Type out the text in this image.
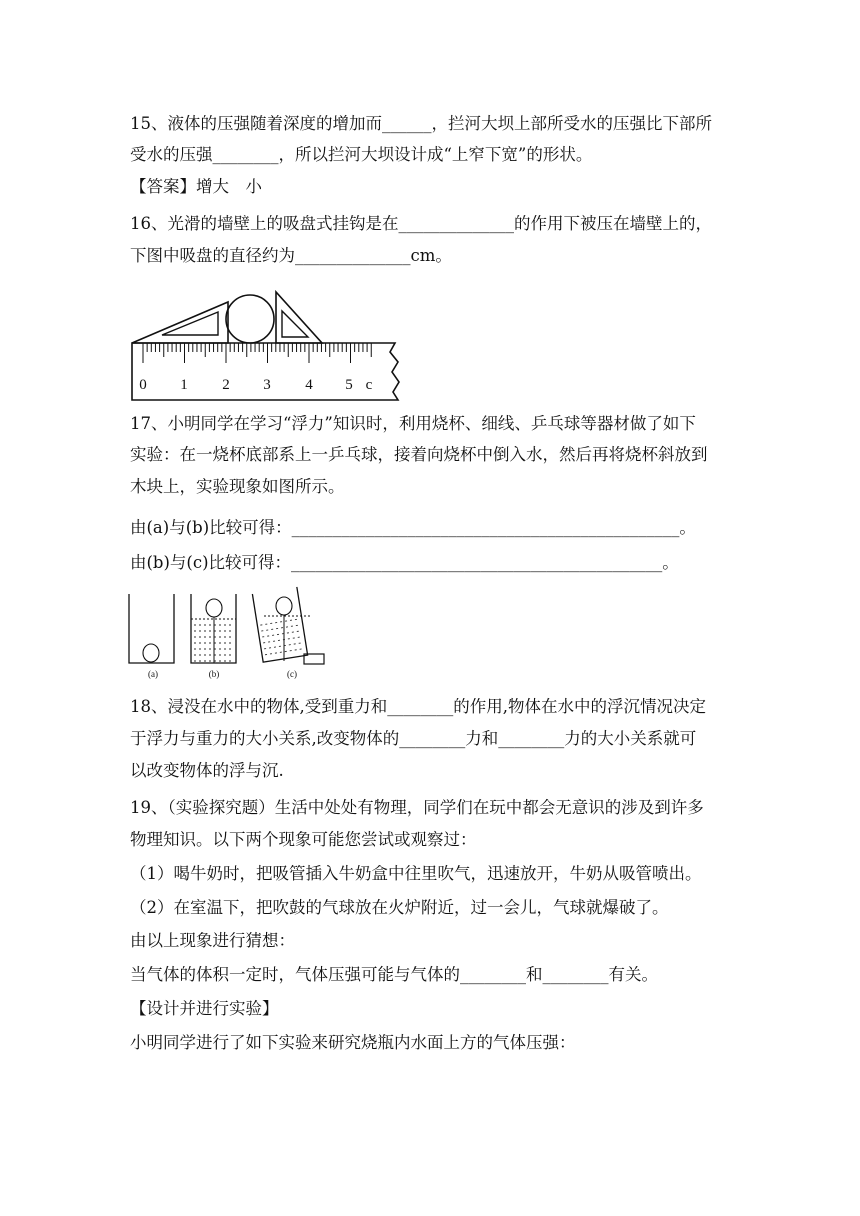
15、液体的压强随着深度的增加而______，拦河大坝上部所受水的压强比下部所
受水的压强________，所以拦河大坝设计成“上窄下宽”的形状。
【答案】增大　小
16、光滑的墙壁上的吸盘式挂钩是在______________的作用下被压在墙壁上的，
下图中吸盘的直径约为______________cm。
0 1 2 3 4 5 c
17、小明同学在学习“浮力”知识时，利用烧杯、细线、乒乓球等器材做了如下
实验：在一烧杯底部系上一乒乓球，接着向烧杯中倒入水，然后再将烧杯斜放到
木块上，实验现象如图所示。
由(a)与(b)比较可得：_______________________________________________。
由(b)与(c)比较可得：_____________________________________________。
(a)	(b)	(c)
18、浸没在水中的物体,受到重力和________的作用,物体在水中的浮沉情况决定
于浮力与重力的大小关系,改变物体的________力和________力的大小关系就可
以改变物体的浮与沉.
19、（实验探究题）生活中处处有物理，同学们在玩中都会无意识的涉及到许多
物理知识。以下两个现象可能您尝试或观察过：
（1）喝牛奶时，把吸管插入牛奶盒中往里吹气，迅速放开，牛奶从吸管喷出。
（2）在室温下，把吹鼓的气球放在火炉附近，过一会儿，气球就爆破了。
由以上现象进行猜想：
当气体的体积一定时，气体压强可能与气体的________和________有关。
【设计并进行实验】
小明同学进行了如下实验来研究烧瓶内水面上方的气体压强：
